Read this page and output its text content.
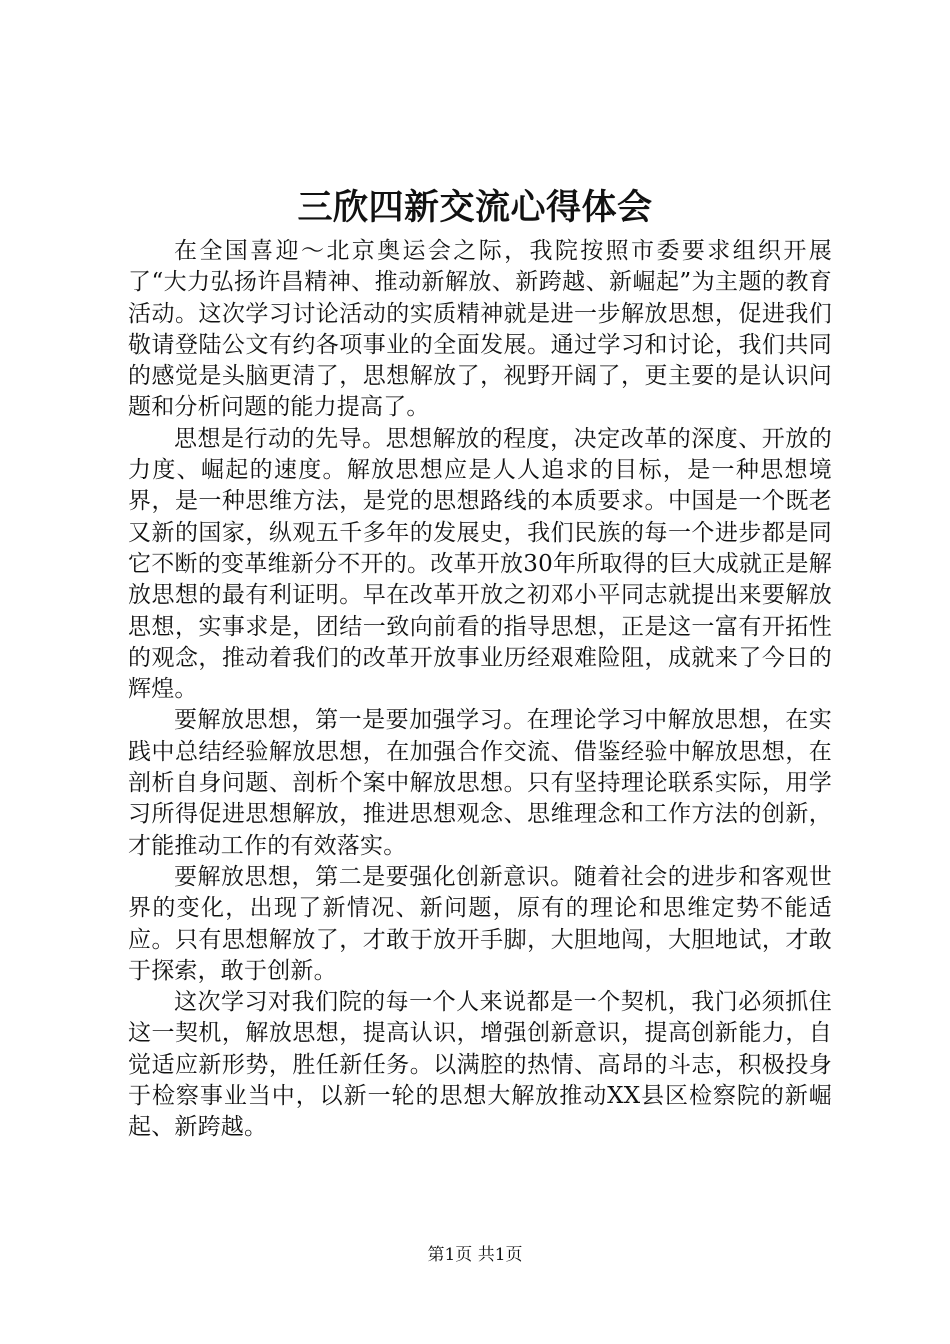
三欣四新交流心得体会

在全国喜迎～北京奥运会之际，我院按照市委要求组织开展了“大力弘扬许昌精神、推动新解放、新跨越、新崛起”为主题的教育活动。这次学习讨论活动的实质精神就是进一步解放思想，促进我们敬请登陆公文有约各项事业的全面发展。通过学习和讨论，我们共同的感觉是头脑更清了，思想解放了，视野开阔了，更主要的是认识问题和分析问题的能力提高了。

思想是行动的先导。思想解放的程度，决定改革的深度、开放的力度、崛起的速度。解放思想应是人人追求的目标，是一种思想境界，是一种思维方法，是党的思想路线的本质要求。中国是一个既老又新的国家，纵观五千多年的发展史，我们民族的每一个进步都是同它不断的变革维新分不开的。改革开放30年所取得的巨大成就正是解放思想的最有利证明。早在改革开放之初邓小平同志就提出来要解放思想，实事求是，团结一致向前看的指导思想，正是这一富有开拓性的观念，推动着我们的改革开放事业历经艰难险阻，成就来了今日的辉煌。

要解放思想，第一是要加强学习。在理论学习中解放思想，在实践中总结经验解放思想，在加强合作交流、借鉴经验中解放思想，在剖析自身问题、剖析个案中解放思想。只有坚持理论联系实际，用学习所得促进思想解放，推进思想观念、思维理念和工作方法的创新，才能推动工作的有效落实。

要解放思想，第二是要强化创新意识。随着社会的进步和客观世界的变化，出现了新情况、新问题，原有的理论和思维定势不能适应。只有思想解放了，才敢于放开手脚，大胆地闯，大胆地试，才敢于探索，敢于创新。

这次学习对我们院的每一个人来说都是一个契机，我门必须抓住这一契机，解放思想，提高认识，增强创新意识，提高创新能力，自觉适应新形势，胜任新任务。以满腔的热情、高昂的斗志，积极投身于检察事业当中，以新一轮的思想大解放推动XX县区检察院的新崛起、新跨越。

第1页 共1页
